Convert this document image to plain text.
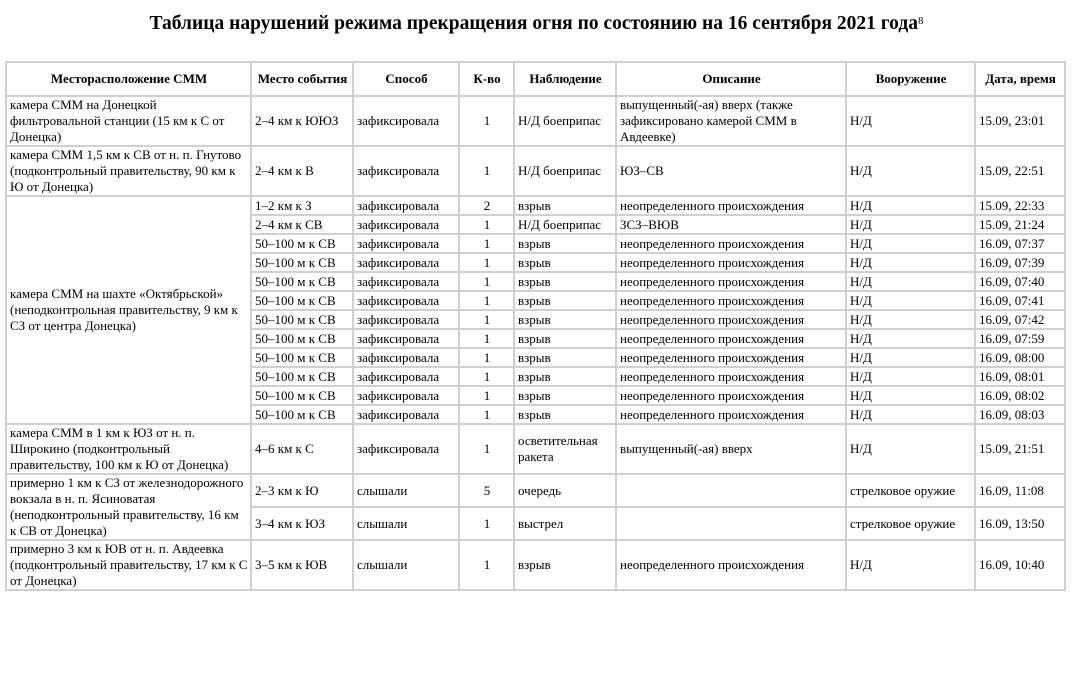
Таблица нарушений режима прекращения огня по состоянию на 16 сентября 2021 года$^8$
Месторасположение СММ	Место события	Способ	К-во	Наблюдение	Описание	Вооружение	Дата, время
камера СММ на Донецкой фильтровальной станции (15 км к С от Донецка)	2–4 км к ЮЮЗ	зафиксировала	1	Н/Д боеприпас	выпущенный(-ая) вверх (также зафиксировано камерой СММ в Авдеевке)	Н/Д	15.09, 23:01
камера СММ 1,5 км к СВ от н. п. Гнутово (подконтрольный правительству, 90 км к Ю от Донецка)	2–4 км к В	зафиксировала	1	Н/Д боеприпас	ЮЗ–СВ	Н/Д	15.09, 22:51
камера СММ на шахте «Октябрьской» (неподконтрольная правительству, 9 км к СЗ от центра Донецка)	1–2 км к З	зафиксировала	2	взрыв	неопределенного происхождения	Н/Д	15.09, 22:33
	2–4 км к СВ	зафиксировала	1	Н/Д боеприпас	ЗСЗ–ВЮВ	Н/Д	15.09, 21:24
	50–100 м к СВ	зафиксировала	1	взрыв	неопределенного происхождения	Н/Д	16.09, 07:37
	50–100 м к СВ	зафиксировала	1	взрыв	неопределенного происхождения	Н/Д	16.09, 07:39
	50–100 м к СВ	зафиксировала	1	взрыв	неопределенного происхождения	Н/Д	16.09, 07:40
	50–100 м к СВ	зафиксировала	1	взрыв	неопределенного происхождения	Н/Д	16.09, 07:41
	50–100 м к СВ	зафиксировала	1	взрыв	неопределенного происхождения	Н/Д	16.09, 07:42
	50–100 м к СВ	зафиксировала	1	взрыв	неопределенного происхождения	Н/Д	16.09, 07:59
	50–100 м к СВ	зафиксировала	1	взрыв	неопределенного происхождения	Н/Д	16.09, 08:00
	50–100 м к СВ	зафиксировала	1	взрыв	неопределенного происхождения	Н/Д	16.09, 08:01
	50–100 м к СВ	зафиксировала	1	взрыв	неопределенного происхождения	Н/Д	16.09, 08:02
	50–100 м к СВ	зафиксировала	1	взрыв	неопределенного происхождения	Н/Д	16.09, 08:03
камера СММ в 1 км к ЮЗ от н. п. Широкино (подконтрольный правительству, 100 км к Ю от Донецка)	4–6 км к С	зафиксировала	1	осветительная ракета	выпущенный(-ая) вверх	Н/Д	15.09, 21:51
примерно 1 км к СЗ от железнодорожного вокзала в н. п. Ясиноватая (неподконтрольный правительству, 16 км к СВ от Донецка)	2–3 км к Ю	слышали	5	очередь		стрелковое оружие	16.09, 11:08
	3–4 км к ЮЗ	слышали	1	выстрел		стрелковое оружие	16.09, 13:50
примерно 3 км к ЮВ от н. п. Авдеевка (подконтрольный правительству, 17 км к С от Донецка)	3–5 км к ЮВ	слышали	1	взрыв	неопределенного происхождения	Н/Д	16.09, 10:40
